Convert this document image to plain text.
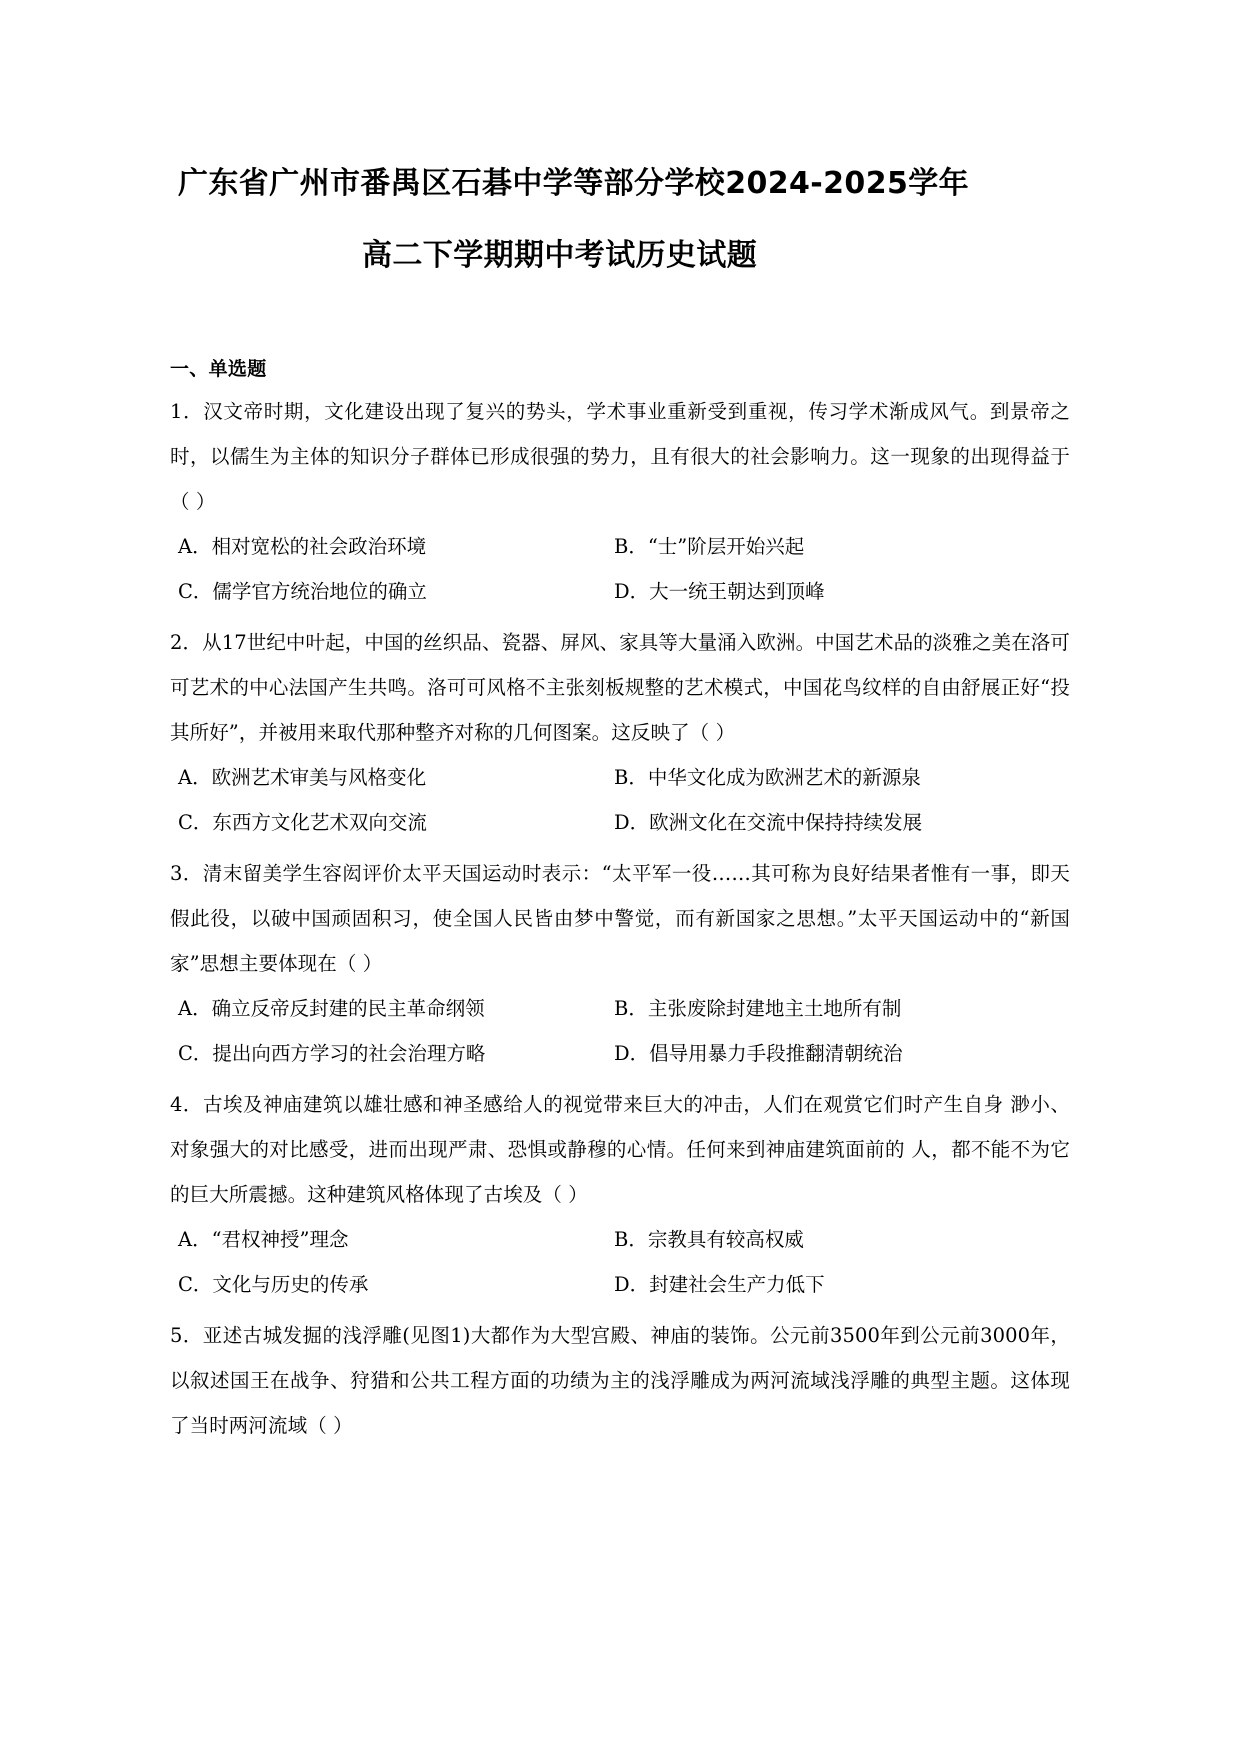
广东省广州市番禺区石碁中学等部分学校2024-2025学年
高二下学期期中考试历史试题
一、单选题
1．汉文帝时期，文化建设出现了复兴的势头，学术事业重新受到重视，传习学术渐成风气。到景帝之时，以儒生为主体的知识分子群体已形成很强的势力，且有很大的社会影响力。这一现象的出现得益于（ ）
A．相对宽松的社会政治环境	B．“士”阶层开始兴起
C．儒学官方统治地位的确立	D．大一统王朝达到顶峰
2．从17世纪中叶起，中国的丝织品、瓷器、屏风、家具等大量涌入欧洲。中国艺术品的淡雅之美在洛可可艺术的中心法国产生共鸣。洛可可风格不主张刻板规整的艺术模式，中国花鸟纹样的自由舒展正好“投其所好”，并被用来取代那种整齐对称的几何图案。这反映了（ ）
A．欧洲艺术审美与风格变化	B．中华文化成为欧洲艺术的新源泉
C．东西方文化艺术双向交流	D．欧洲文化在交流中保持持续发展
3．清末留美学生容闳评价太平天国运动时表示：“太平军一役……其可称为良好结果者惟有一事，即天假此役，以破中国顽固积习，使全国人民皆由梦中警觉，而有新国家之思想。”太平天国运动中的“新国家”思想主要体现在（ ）
A．确立反帝反封建的民主革命纲领	B．主张废除封建地主土地所有制
C．提出向西方学习的社会治理方略	D．倡导用暴力手段推翻清朝统治
4．古埃及神庙建筑以雄壮感和神圣感给人的视觉带来巨大的冲击，人们在观赏它们时产生自身 渺小、对象强大的对比感受，进而出现严肃、恐惧或静穆的心情。任何来到神庙建筑面前的 人，都不能不为它的巨大所震撼。这种建筑风格体现了古埃及（ ）
A．“君权神授”理念	B．宗教具有较高权威
C．文化与历史的传承	D．封建社会生产力低下
5．亚述古城发掘的浅浮雕(见图1)大都作为大型宫殿、神庙的装饰。公元前3500年到公元前3000年，以叙述国王在战争、狩猎和公共工程方面的功绩为主的浅浮雕成为两河流域浅浮雕的典型主题。这体现了当时两河流域（ ）
